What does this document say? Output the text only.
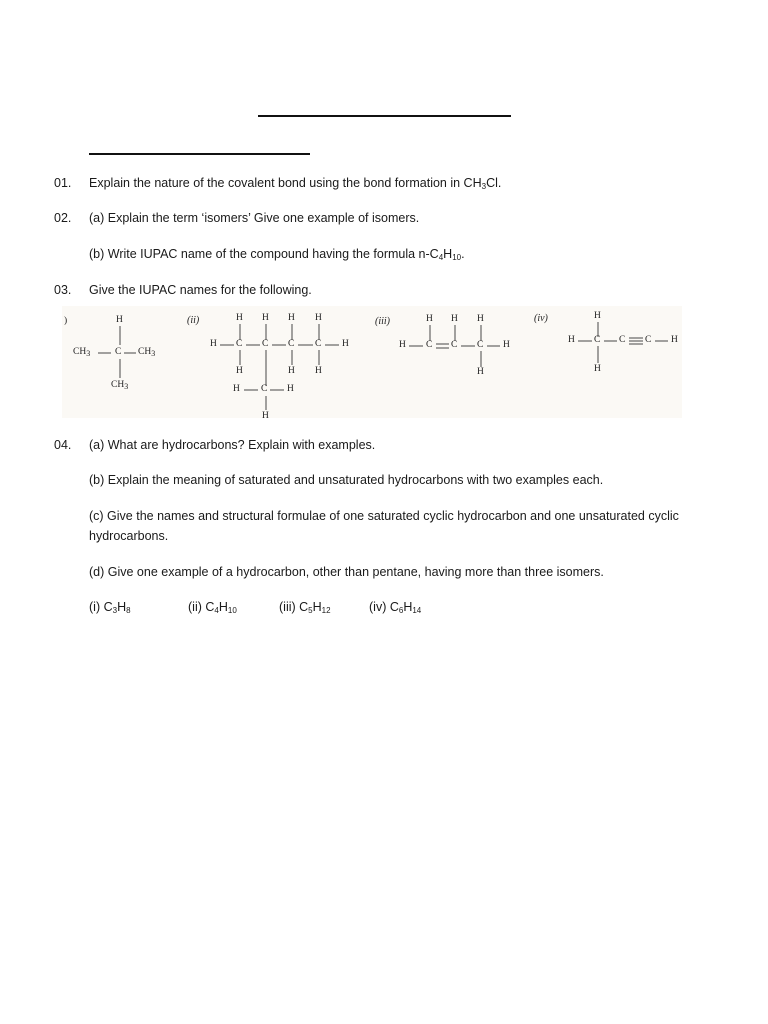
01. Explain the nature of the covalent bond using the bond formation in $CH_3Cl$.
02. (a) Explain the term ‘isomers’ Give one example of isomers.
(b) Write IUPAC name of the compound having the formula $n-C_4H_{10}$.
03. Give the IUPAC names for the following.
)	H
$CH_3$	C $CH_3$
$CH_3$
(ii)	H H H H
H C C C C H
H	H H
H C H
H
(iii)	H H H
H C C C H
H
(iv)	H
H C C C H
H
04. (a) What are hydrocarbons? Explain with examples.
(b) Explain the meaning of saturated and unsaturated hydrocarbons with two examples each.
(c) Give the names and structural formulae of one saturated cyclic hydrocarbon and one unsaturated cyclic hydrocarbons.
(d) Give one example of a hydrocarbon, other than pentane, having more than three isomers.
(i) $C_3H_8$	(ii) $C_4H_{10}$	(iii) $C_5H_{12}$	(iv) $C_6H_{14}$
